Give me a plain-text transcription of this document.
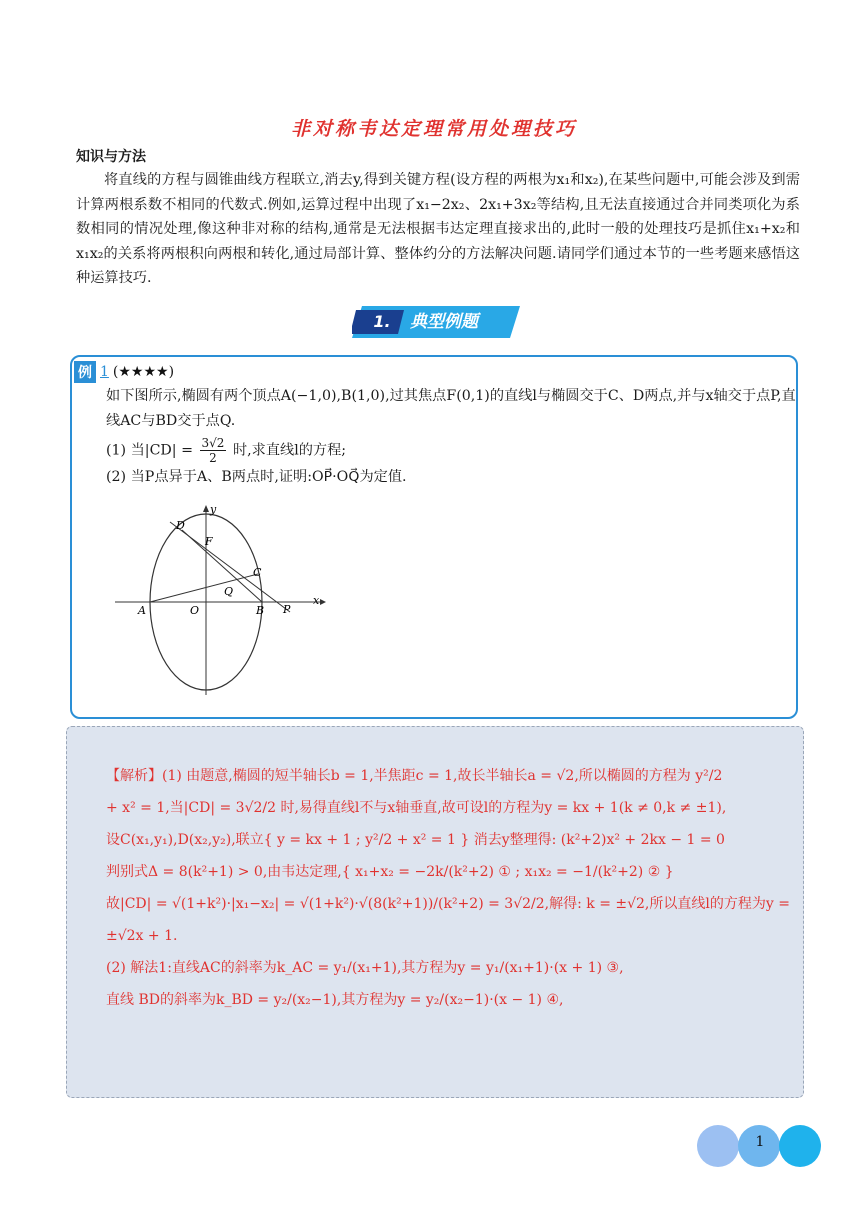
非对称韦达定理常用处理技巧
知识与方法
将直线的方程与圆锥曲线方程联立,消去y,得到关键方程(设方程的两根为x₁和x₂),在某些问题中,可能会涉及到需计算两根系数不相同的代数式.例如,运算过程中出现了x₁−2x₂、2x₁+3x₂等结构,且无法直接通过合并同类项化为系数相同的情况处理,像这种非对称的结构,通常是无法根据韦达定理直接求出的,此时一般的处理技巧是抓住x₁+x₂和x₁x₂的关系将两根积向两根和转化,通过局部计算、整体约分的方法解决问题.请同学们通过本节的一些考题来感悟这种运算技巧.
1.	典型例题
例 1 (★★★★)

如下图所示,椭圆有两个顶点A(−1,0),B(1,0),过其焦点F(0,1)的直线l与椭圆交于C、D两点,并与x轴交于点P,直线AC与BD交于点Q.

(1) 当$|CD| = \frac{3√2}{2}$ 时,求直线l的方程;

(2) 当P点异于A、B两点时,证明:OP⃗·OQ⃗为定值.

y
x
D
F
C
Q
A	O	B P

【解析】(1) 由题意,椭圆的短半轴长b = 1,半焦距c = 1,故长半轴长a = √2,所以椭圆的方程为 y²/2

+ x² = 1,当|CD| = 3√2/2 时,易得直线l不与x轴垂直,故可设l的方程为y = kx + 1(k ≠ 0,k ≠ ±1),

设C(x₁,y₁),D(x₂,y₂),联立{ y = kx + 1 ; y²/2 + x² = 1 } 消去y整理得: (k²+2)x² + 2kx − 1 = 0

判别式Δ = 8(k²+1) > 0,由韦达定理,{ x₁+x₂ = −2k/(k²+2) ① ; x₁x₂ = −1/(k²+2) ② }

故|CD| = √(1+k²)·|x₁−x₂| = √(1+k²)·√(8(k²+1))/(k²+2) = 3√2/2,解得: k = ±√2,所以直线l的方程为y =

±√2x + 1.

(2) 解法1:直线AC的斜率为k_AC = y₁/(x₁+1),其方程为y = y₁/(x₁+1)·(x + 1) ③,

直线 BD的斜率为k_BD = y₂/(x₂−1),其方程为y = y₂/(x₂−1)·(x − 1) ④,

1
